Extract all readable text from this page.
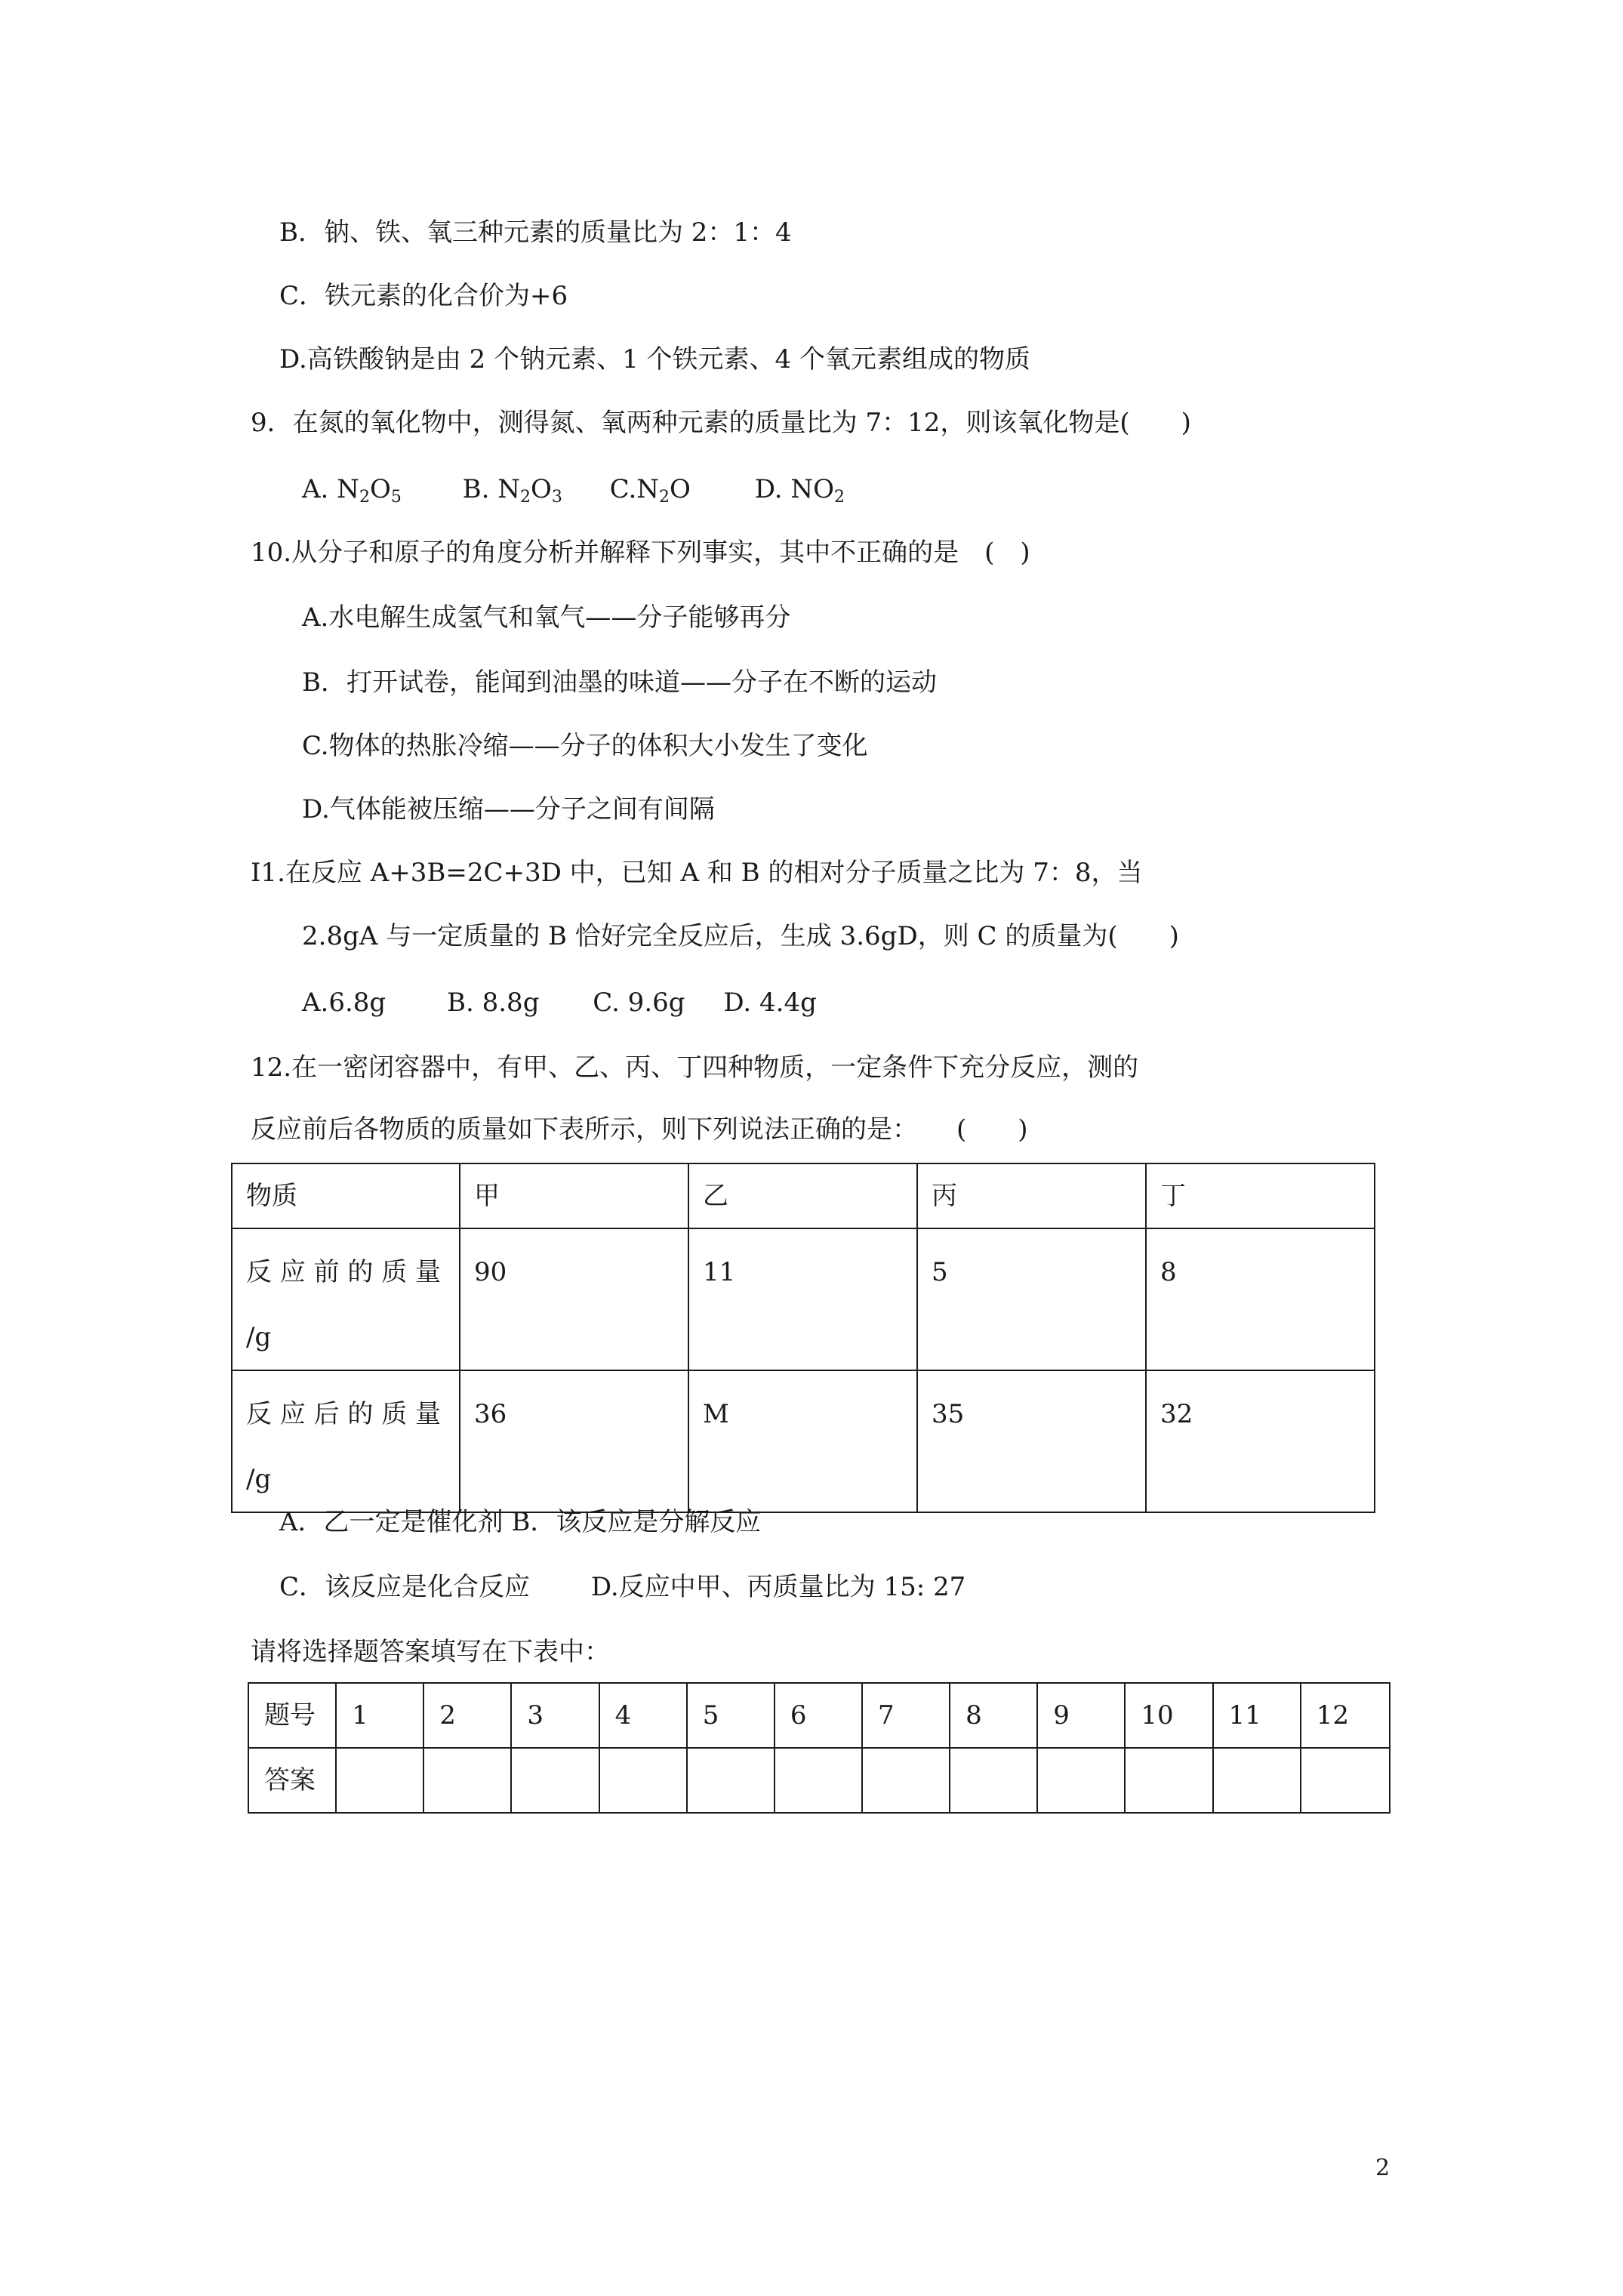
B．钠、铁、氧三种元素的质量比为 2：1：4
C．铁元素的化合价为+6
D.高铁酸钠是由 2 个钠元素、1 个铁元素、4 个氧元素组成的物质
9．在氮的氧化物中，测得氮、氧两种元素的质量比为 7：12，则该氧化物是(　　)
A. $N_2O_5$ B. $N_2O_3$ $C.N_2O$ D. $NO_2$
10.从分子和原子的角度分析并解释下列事实，其中不正确的是　(　)
A.水电解生成氢气和氧气——分子能够再分
B．打开试卷，能闻到油墨的味道——分子在不断的运动
C.物体的热胀冷缩——分子的体积大小发生了变化
D.气体能被压缩——分子之间有间隔
I1.在反应 A+3B=2C+3D 中，已知 A 和 B 的相对分子质量之比为 7：8，当
2.8gA 与一定质量的 B 恰好完全反应后，生成 3.6gD，则 C 的质量为(　　)
A.6.8g B. 8.8g C. 9.6g D. 4.4g
12.在一密闭容器中，有甲、乙、丙、丁四种物质，一定条件下充分反应，测的
反应前后各物质的质量如下表所示，则下列说法正确的是：　　(　　)
物质	甲	乙	丙	丁
反 应 前 的 质 量
/g	90	11	5	8
反 应 后 的 质 量
/g	36	M	35	32
A．乙一定是催化剂 B．该反应是分解反应
C．该反应是化合反应 D.反应中甲、丙质量比为 15: 27
请将选择题答案填写在下表中：
题号	1	2	3	4	5	6	7	8	9	10	11	12
答案												
2
